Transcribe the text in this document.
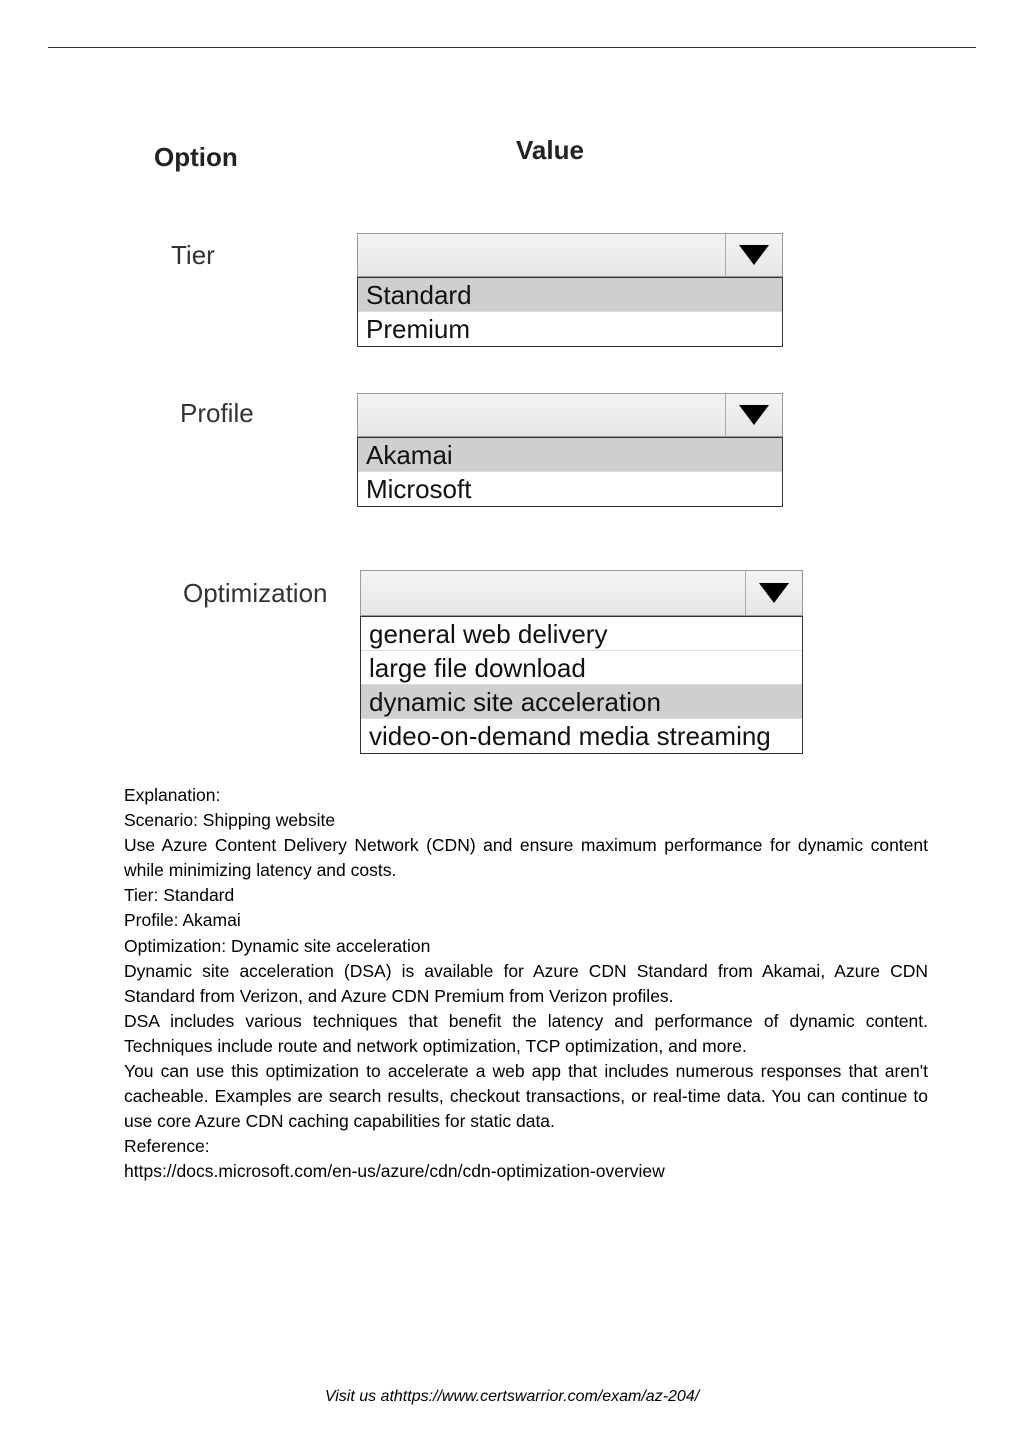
Option	Value
Tier
Standard
Premium
Profile
Akamai
Microsoft
Optimization
general web delivery
large file download
dynamic site acceleration
video-on-demand media streaming

Explanation:

Scenario: Shipping website

Use Azure Content Delivery Network (CDN) and ensure maximum performance for dynamic content while minimizing latency and costs.

Tier: Standard

Profile: Akamai

Optimization: Dynamic site acceleration

Dynamic site acceleration (DSA) is available for Azure CDN Standard from Akamai, Azure CDN Standard from Verizon, and Azure CDN Premium from Verizon profiles.

DSA includes various techniques that benefit the latency and performance of dynamic content. Techniques include route and network optimization, TCP optimization, and more.

You can use this optimization to accelerate a web app that includes numerous responses that aren't cacheable. Examples are search results, checkout transactions, or real-time data. You can continue to use core Azure CDN caching capabilities for static data.

Reference:

https://docs.microsoft.com/en-us/azure/cdn/cdn-optimization-overview

Visit us athttps://www.certswarrior.com/exam/az-204/
